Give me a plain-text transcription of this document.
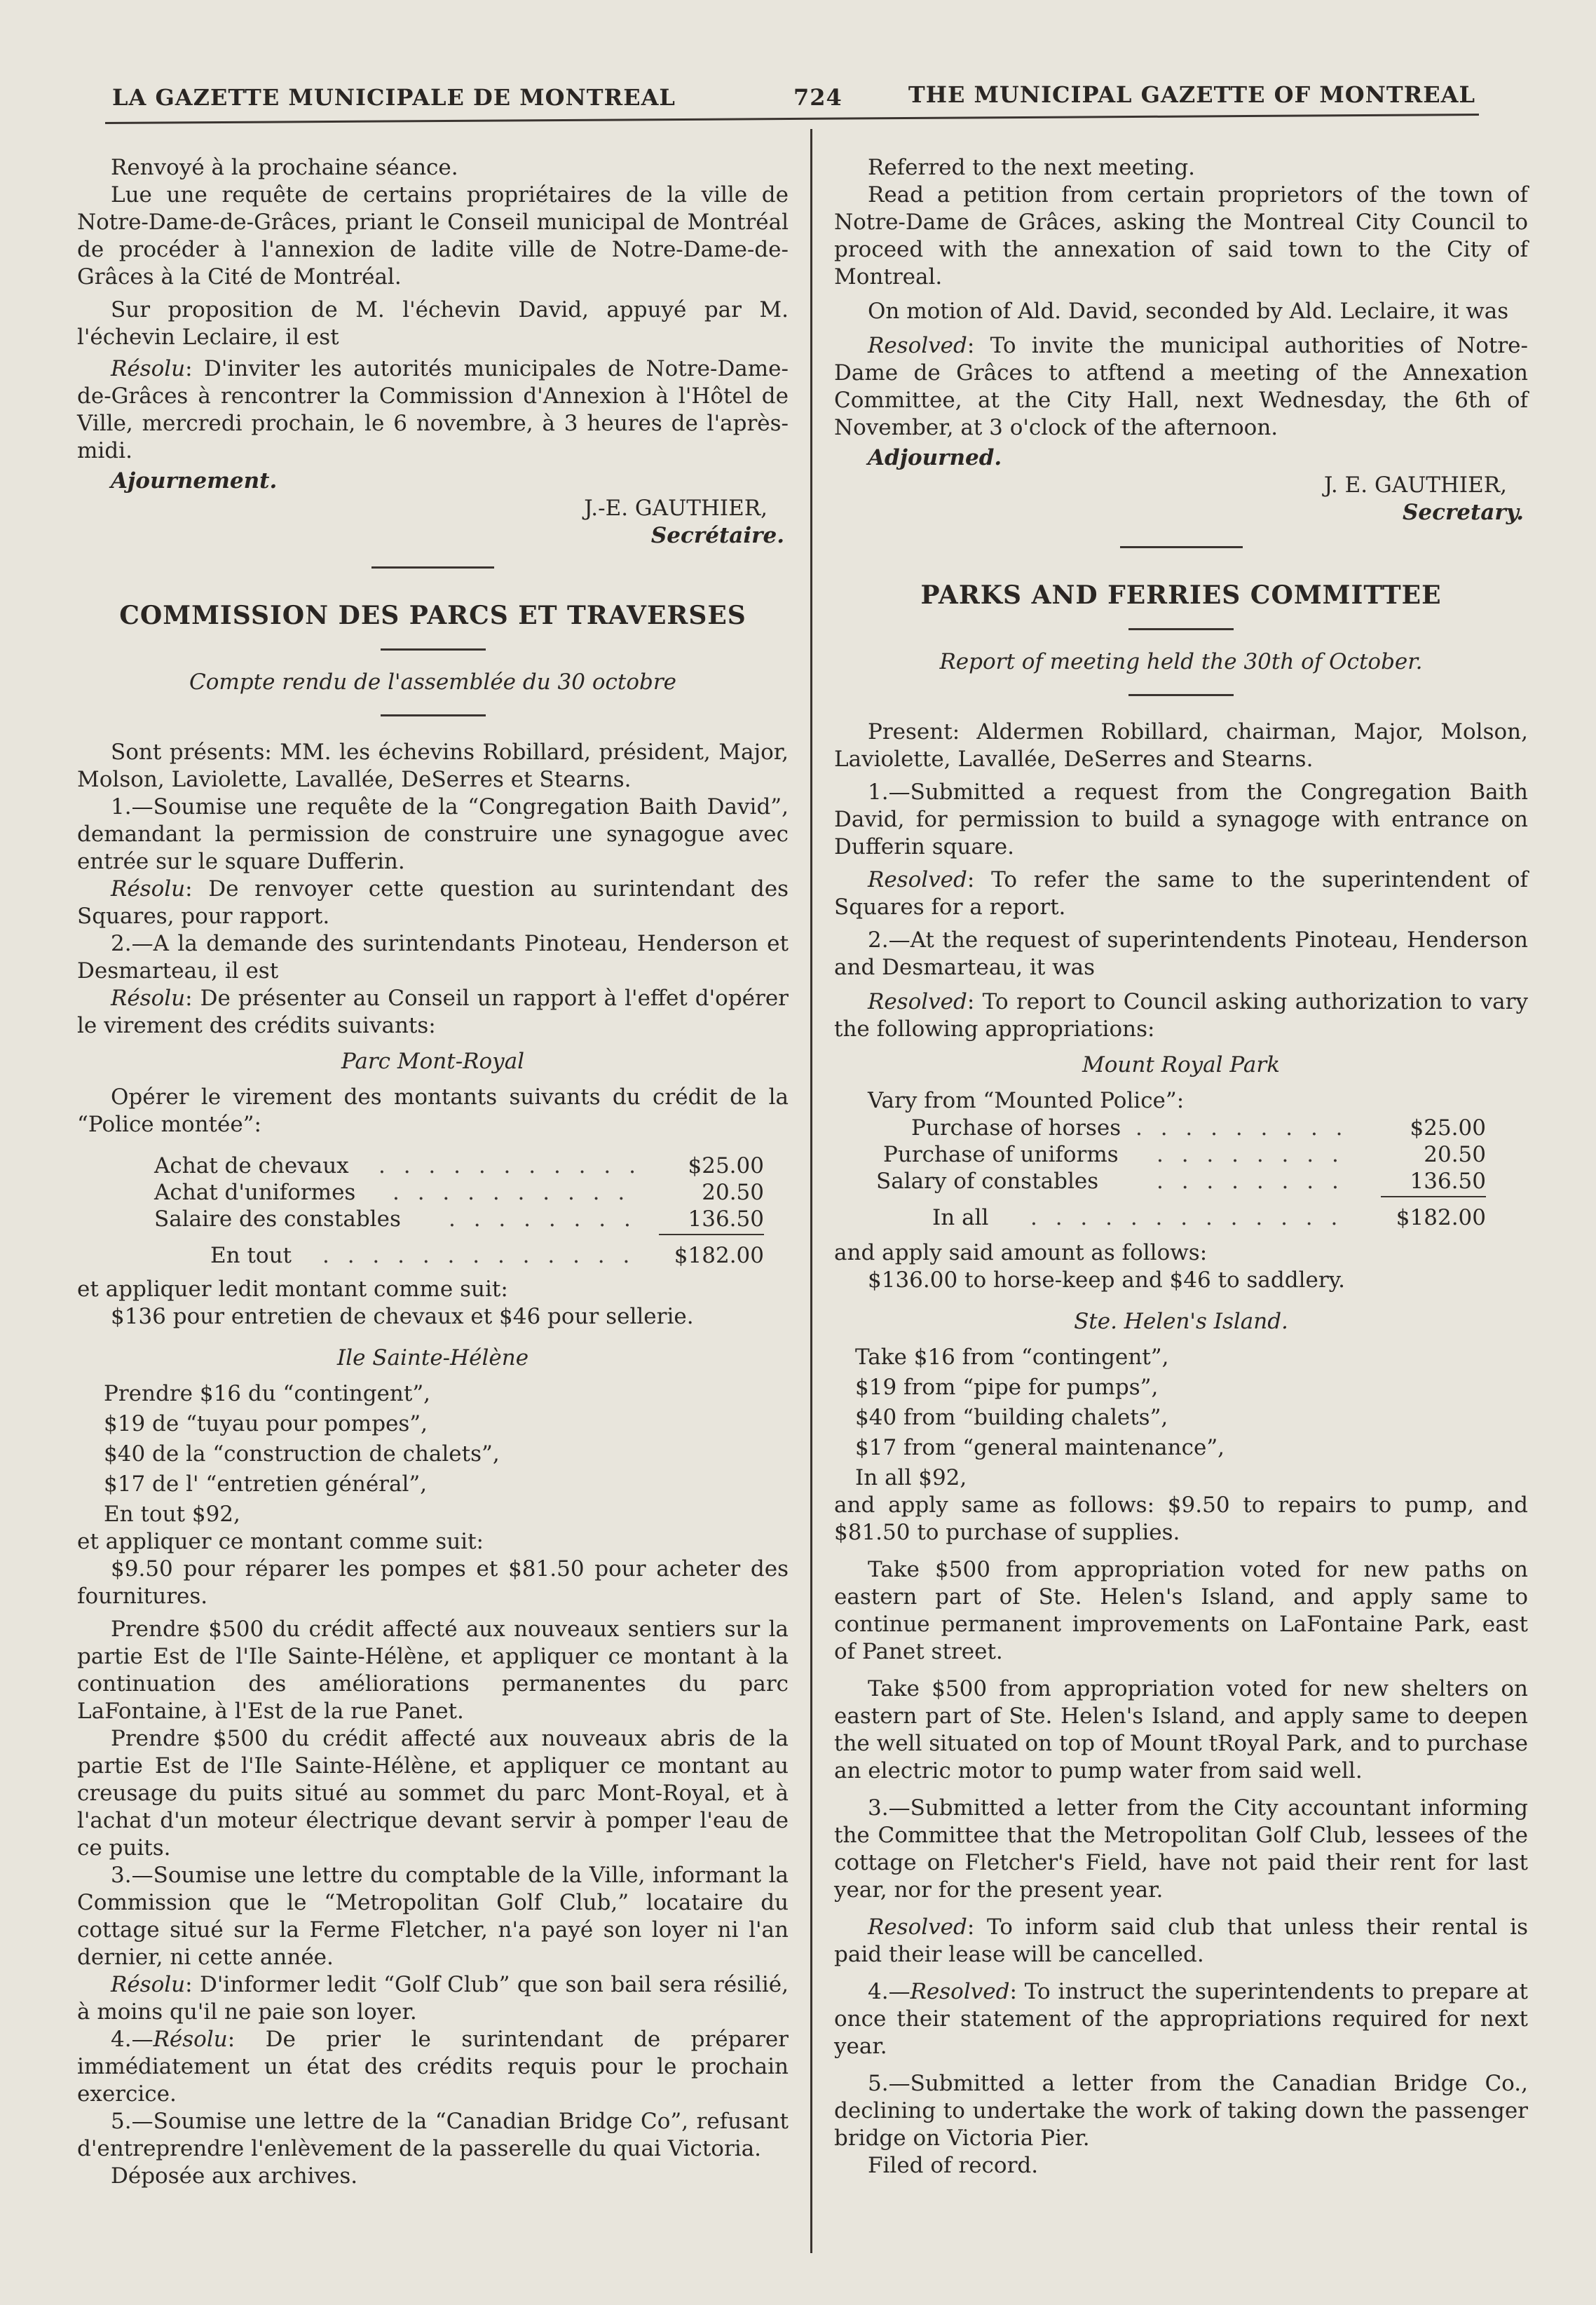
LA GAZETTE MUNICIPALE DE MONTREAL	724	THE MUNICIPAL GAZETTE OF MONTREAL

Renvoyé à la prochaine séance.

Lue une requête de certains propriétaires de la ville de Notre-Dame-de-Grâces, priant le Conseil municipal de Montréal de procéder à l'annexion de ladite ville de Notre-Dame-de-Grâces à la Cité de Montréal.

Sur proposition de M. l'échevin David, appuyé par M. l'échevin Leclaire, il est

Résolu: D'inviter les autorités municipales de Notre-Dame-de-Grâces à rencontrer la Commission d'Annexion à l'Hôtel de Ville, mercredi prochain, le 6 novembre, à 3 heures de l'après-midi.

Ajournement.

J.-E. GAUTHIER,

Secrétaire.

COMMISSION DES PARCS ET TRAVERSES

Compte rendu de l'assemblée du 30 octobre

Sont présents: MM. les échevins Robillard, président, Major, Molson, Laviolette, Lavallée, DeSerres et Stearns.

1.—Soumise une requête de la “Congregation Baith David”, demandant la permission de construire une synagogue avec entrée sur le square Dufferin.

Résolu: De renvoyer cette question au surintendant des Squares, pour rapport.

2.—A la demande des surintendants Pinoteau, Henderson et Desmarteau, il est

Résolu: De présenter au Conseil un rapport à l'effet d'opérer le virement des crédits suivants:

Parc Mont-Royal

Opérer le virement des montants suivants du crédit de la “Police montée”:

Achat de chevaux . . . . . . . . . . . $25.00
Achat d'uniformes . . . . . . . . . .	20.50
Salaire des constables . . . . . . . . 136.50
En tout . . . . . . . . . . . . . $182.00

et appliquer ledit montant comme suit:

$136 pour entretien de chevaux et $46 pour sellerie.

Ile Sainte-Hélène

Prendre $16 du “contingent”,

$19 de “tuyau pour pompes”,

$40 de la “construction de chalets”,

$17 de l' “entretien général”,

En tout $92,

et appliquer ce montant comme suit:

$9.50 pour réparer les pompes et $81.50 pour acheter des fournitures.

Prendre $500 du crédit affecté aux nouveaux sentiers sur la partie Est de l'Ile Sainte-Hélène, et appliquer ce montant à la continuation des améliorations permanentes du parc LaFontaine, à l'Est de la rue Panet.

Prendre $500 du crédit affecté aux nouveaux abris de la partie Est de l'Ile Sainte-Hélène, et appliquer ce montant au creusage du puits situé au sommet du parc Mont-Royal, et à l'achat d'un moteur électrique devant servir à pomper l'eau de ce puits.

3.—Soumise une lettre du comptable de la Ville, informant la Commission que le “Metropolitan Golf Club,” locataire du cottage situé sur la Ferme Fletcher, n'a payé son loyer ni l'an dernier, ni cette année.

Résolu: D'informer ledit “Golf Club” que son bail sera résilié, à moins qu'il ne paie son loyer.

4.—Résolu: De prier le surintendant de préparer immédiatement un état des crédits requis pour le prochain exercice.

5.—Soumise une lettre de la “Canadian Bridge Co”, refusant d'entreprendre l'enlèvement de la passerelle du quai Victoria.

Déposée aux archives.

Referred to the next meeting.

Read a petition from certain proprietors of the town of Notre-Dame de Grâces, asking the Montreal City Council to proceed with the annexation of said town to the City of Montreal.

On motion of Ald. David, seconded by Ald. Leclaire, it was

Resolved: To invite the municipal authorities of Notre-Dame de Grâces to atftend a meeting of the Annexation Committee, at the City Hall, next Wednesday, the 6th of November, at 3 o'clock of the afternoon.

Adjourned.

J. E. GAUTHIER,

Secretary.

PARKS AND FERRIES COMMITTEE

Report of meeting held the 30th of October.

Present: Aldermen Robillard, chairman, Major, Molson, Laviolette, Lavallée, DeSerres and Stearns.

1.—Submitted a request from the Congregation Baith David, for permission to build a synagoge with entrance on Dufferin square.

Resolved: To refer the same to the superintendent of Squares for a report.

2.—At the request of superintendents Pinoteau, Henderson and Desmarteau, it was

Resolved: To report to Council asking authorization to vary the following appropriations:

Mount Royal Park

Vary from “Mounted Police”:

Purchase of horses . . . . . . . . .	$25.00
Purchase of uniforms . . . . . . . .	20.50
Salary of constables	. . . . . . . .	136.50
In all . . . . . . . . . . . . . $182.00

and apply said amount as follows:

$136.00 to horse-keep and $46 to saddlery.

Ste. Helen's Island.

Take $16 from “contingent”,

$19 from “pipe for pumps”,

$40 from “building chalets”,

$17 from “general maintenance”,

In all $92,

and apply same as follows: $9.50 to repairs to pump, and $81.50 to purchase of supplies.

Take $500 from appropriation voted for new paths on eastern part of Ste. Helen's Island, and apply same to continue permanent improvements on LaFontaine Park, east of Panet street.

Take $500 from appropriation voted for new shelters on eastern part of Ste. Helen's Island, and apply same to deepen the well situated on top of Mount tRoyal Park, and to purchase an electric motor to pump water from said well.

3.—Submitted a letter from the City accountant informing the Committee that the Metropolitan Golf Club, lessees of the cottage on Fletcher's Field, have not paid their rent for last year, nor for the present year.

Resolved: To inform said club that unless their rental is paid their lease will be cancelled.

4.—Resolved: To instruct the superintendents to prepare at once their statement of the appropriations required for next year.

5.—Submitted a letter from the Canadian Bridge Co., declining to undertake the work of taking down the passenger bridge on Victoria Pier.

Filed of record.
